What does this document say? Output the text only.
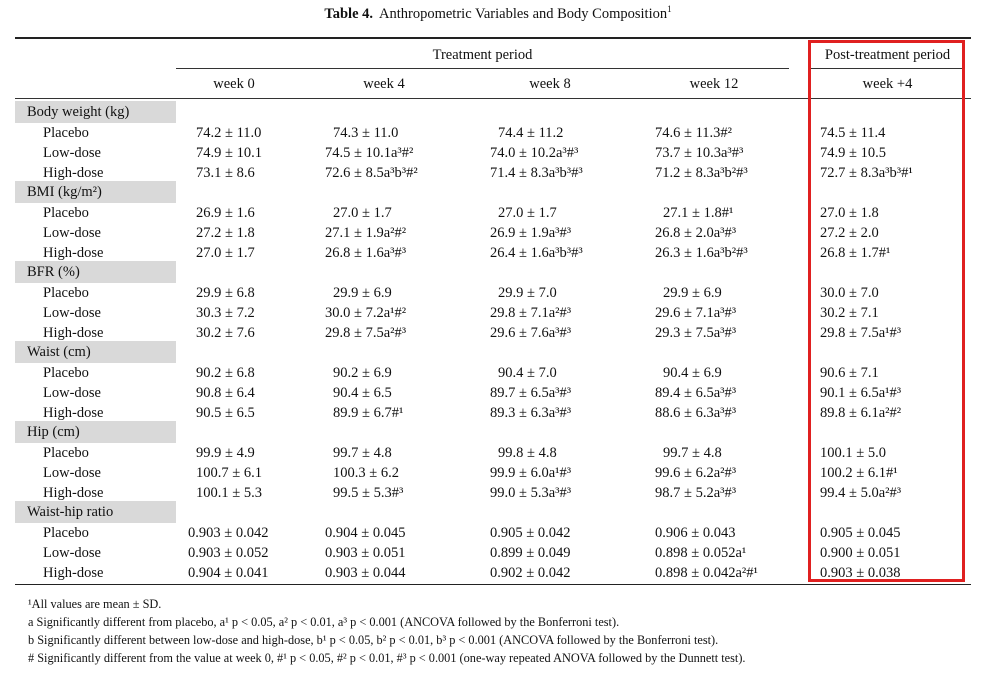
Table 4. Anthropometric Variables and Body Composition$^1$
Treatment period	Post-treatment period
week 0	week 4	week 8	week 12	week +4
Body weight (kg)
Placebo	74.2 ± 11.0	74.3 ± 11.0	74.4 ± 11.2	74.6 ± 11.3#²	74.5 ± 11.4
Low-dose	74.9 ± 10.1	74.5 ± 10.1a³#²	74.0 ± 10.2a³#³	73.7 ± 10.3a³#³	74.9 ± 10.5
High-dose	73.1 ± 8.6	72.6 ± 8.5a³b³#²	71.4 ± 8.3a³b³#³	71.2 ± 8.3a³b²#³	72.7 ± 8.3a³b³#¹
BMI (kg/m²)
Placebo	26.9 ± 1.6	27.0 ± 1.7	27.0 ± 1.7	27.1 ± 1.8#¹	27.0 ± 1.8
Low-dose	27.2 ± 1.8	27.1 ± 1.9a²#²	26.9 ± 1.9a³#³	26.8 ± 2.0a³#³	27.2 ± 2.0
High-dose	27.0 ± 1.7	26.8 ± 1.6a³#³	26.4 ± 1.6a³b³#³	26.3 ± 1.6a³b²#³	26.8 ± 1.7#¹
BFR (%)
Placebo	29.9 ± 6.8	29.9 ± 6.9	29.9 ± 7.0	29.9 ± 6.9	30.0 ± 7.0
Low-dose	30.3 ± 7.2	30.0 ± 7.2a¹#²	29.8 ± 7.1a²#³	29.6 ± 7.1a³#³	30.2 ± 7.1
High-dose	30.2 ± 7.6	29.8 ± 7.5a²#³	29.6 ± 7.6a³#³	29.3 ± 7.5a³#³	29.8 ± 7.5a¹#³
Waist (cm)
Placebo	90.2 ± 6.8	90.2 ± 6.9	90.4 ± 7.0	90.4 ± 6.9	90.6 ± 7.1
Low-dose	90.8 ± 6.4	90.4 ± 6.5	89.7 ± 6.5a³#³	89.4 ± 6.5a³#³	90.1 ± 6.5a¹#³
High-dose	90.5 ± 6.5	89.9 ± 6.7#¹	89.3 ± 6.3a³#³	88.6 ± 6.3a³#³	89.8 ± 6.1a²#²
Hip (cm)
Placebo	99.9 ± 4.9	99.7 ± 4.8	99.8 ± 4.8	99.7 ± 4.8	100.1 ± 5.0
Low-dose	100.7 ± 6.1	100.3 ± 6.2	99.9 ± 6.0a¹#³	99.6 ± 6.2a²#³	100.2 ± 6.1#¹
High-dose	100.1 ± 5.3	99.5 ± 5.3#³	99.0 ± 5.3a³#³	98.7 ± 5.2a³#³	99.4 ± 5.0a²#³
Waist-hip ratio
Placebo	0.903 ± 0.042	0.904 ± 0.045	0.905 ± 0.042	0.906 ± 0.043	0.905 ± 0.045
Low-dose	0.903 ± 0.052	0.903 ± 0.051	0.899 ± 0.049	0.898 ± 0.052a¹	0.900 ± 0.051
High-dose	0.904 ± 0.041	0.903 ± 0.044	0.902 ± 0.042	0.898 ± 0.042a²#¹	0.903 ± 0.038
¹All values are mean ± SD.
a Significantly different from placebo, a¹ p < 0.05, a² p < 0.01, a³ p < 0.001 (ANCOVA followed by the Bonferroni test).
b Significantly different between low-dose and high-dose, b¹ p < 0.05, b² p < 0.01, b³ p < 0.001 (ANCOVA followed by the Bonferroni test).
# Significantly different from the value at week 0, #¹ p < 0.05, #² p < 0.01, #³ p < 0.001 (one-way repeated ANOVA followed by the Dunnett test).
